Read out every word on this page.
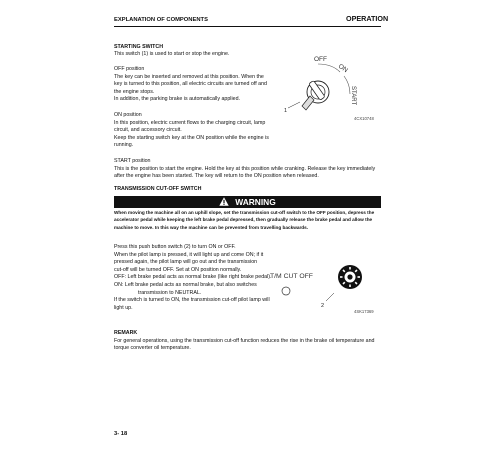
EXPLANATION OF COMPONENTS	OPERATION
STARTING SWITCH
This switch (1) is used to start or stop the engine.
OFF position
The key can be inserted and removed at this position. When the
key is turned to this position, all electric circuits are turned off and
the engine stops.
In addition, the parking brake is automatically applied.
ON position
In this position, electric current flows to the charging circuit, lamp
circuit, and accessory circuit.
Keep the starting switch key at the ON position while the engine is
running.
OFF
ON
START
1
4CX10748
START position
This is the position to start the engine. Hold the key at this position while cranking. Release the key immediately
after the engine has been started. The key will return to the ON position when released.
TRANSMISSION CUT-OFF SWITCH
WARNING
When moving the machine all on an uphill slope, set the transmission cut-off switch to the OFF position, depress the accelerator pedal while keeping the left brake pedal depressed, then gradually release the brake pedal and allow the machine to move. In this way the machine can be prevented from travelling backwards.
Press this push button switch (2) to turn ON or OFF.
When the pilot lamp is pressed, it will light up and come ON; if it
pressed again, the pilot lamp will go out and the transmission
cut-off will be turned OFF. Set at ON position normally.
OFF: Left brake pedal acts as normal brake (like right brake pedal).
ON: Left brake pedal acts as normal brake, but also switches
transmission to NEUTRAL.
If the switch is turned to ON, the transmission cut-off pilot lamp will
light up.
T/M CUT OFF
2
4SK17369
REMARK
For general operations, using the transmission cut-off function reduces the rise in the brake oil temperature and
torque converter oil temperature.
3- 18
